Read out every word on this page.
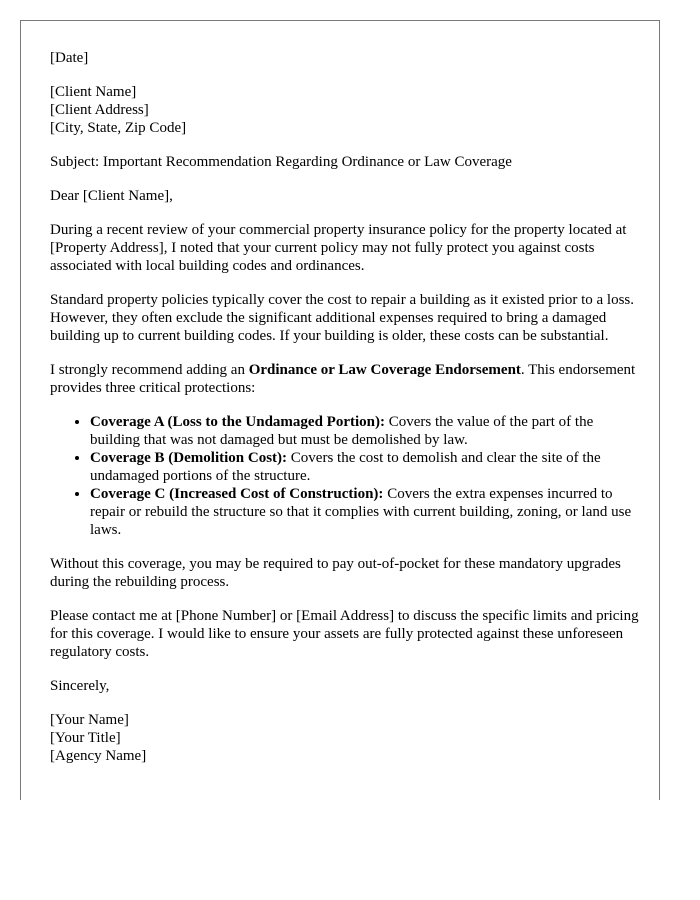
[Date]

[Client Name]
[Client Address]
[City, State, Zip Code]

Subject: Important Recommendation Regarding Ordinance or Law Coverage

Dear [Client Name],

During a recent review of your commercial property insurance policy for the property located at [Property Address], I noted that your current policy may not fully protect you against costs associated with local building codes and ordinances.

Standard property policies typically cover the cost to repair a building as it existed prior to a loss. However, they often exclude the significant additional expenses required to bring a damaged building up to current building codes. If your building is older, these costs can be substantial.

I strongly recommend adding an Ordinance or Law Coverage Endorsement. This endorsement provides three critical protections:

• Coverage A (Loss to the Undamaged Portion): Covers the value of the part of the building that was not damaged but must be demolished by law.
• Coverage B (Demolition Cost): Covers the cost to demolish and clear the site of the undamaged portions of the structure.
• Coverage C (Increased Cost of Construction): Covers the extra expenses incurred to repair or rebuild the structure so that it complies with current building, zoning, or land use laws.

Without this coverage, you may be required to pay out-of-pocket for these mandatory upgrades during the rebuilding process.

Please contact me at [Phone Number] or [Email Address] to discuss the specific limits and pricing for this coverage. I would like to ensure your assets are fully protected against these unforeseen regulatory costs.

Sincerely,

[Your Name]
[Your Title]
[Agency Name]
